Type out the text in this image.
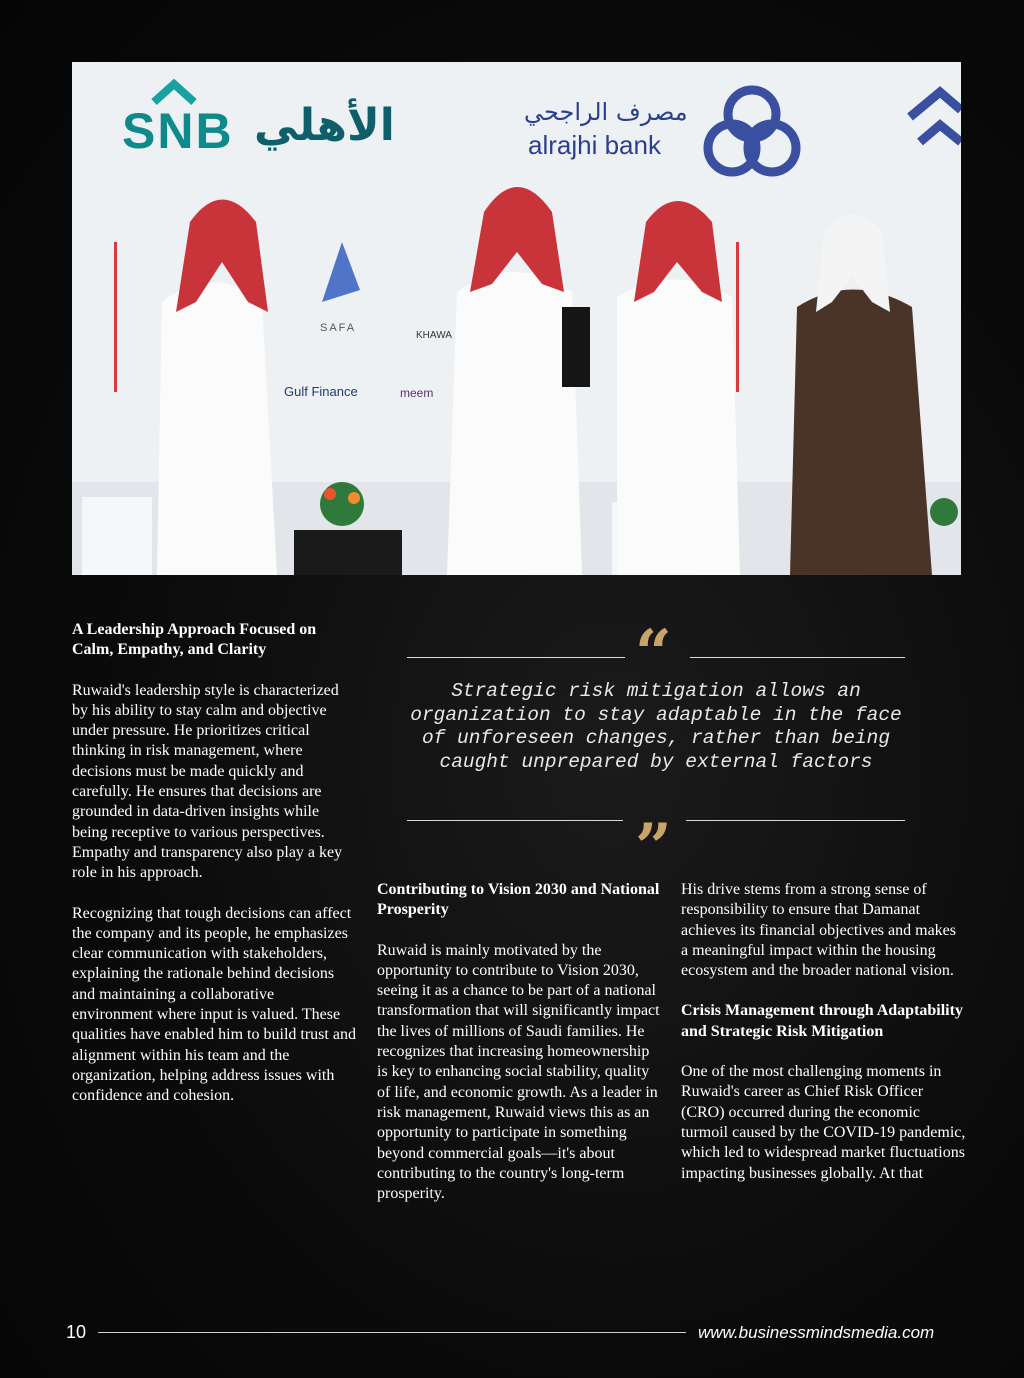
SNB الأهلي	مصرف الراجحي
alrajhi bank
SAFA
KHAWA
Gulf Finance	meem

A Leadership Approach Focused on Calm, Empathy, and Clarity

Ruwaid's leadership style is characterized by his ability to stay calm and objective under pressure. He prioritizes critical thinking in risk management, where decisions must be made quickly and carefully. He ensures that decisions are grounded in data-driven insights while being receptive to various perspectives. Empathy and transparency also play a key role in his approach.

Recognizing that tough decisions can affect the company and its people, he emphasizes clear communication with stakeholders, explaining the rationale behind decisions and maintaining a collaborative environment where input is valued. These qualities have enabled him to build trust and alignment within his team and the organization, helping address issues with confidence and cohesion.

“
Strategic risk mitigation allows an organization to stay adaptable in the face of unforeseen changes, rather than being caught unprepared by external factors
”

Contributing to Vision 2030 and National Prosperity

Ruwaid is mainly motivated by the opportunity to contribute to Vision 2030, seeing it as a chance to be part of a national transformation that will significantly impact the lives of millions of Saudi families. He recognizes that increasing homeownership is key to enhancing social stability, quality of life, and economic growth. As a leader in risk management, Ruwaid views this as an opportunity to participate in something beyond commercial goals—it's about contributing to the country's long-term prosperity.

His drive stems from a strong sense of responsibility to ensure that Damanat achieves its financial objectives and makes a meaningful impact within the housing ecosystem and the broader national vision.

Crisis Management through Adaptability and Strategic Risk Mitigation

One of the most challenging moments in Ruwaid's career as Chief Risk Officer (CRO) occurred during the economic turmoil caused by the COVID-19 pandemic, which led to widespread market fluctuations impacting businesses globally. At that

10	www.businessmindsmedia.com
